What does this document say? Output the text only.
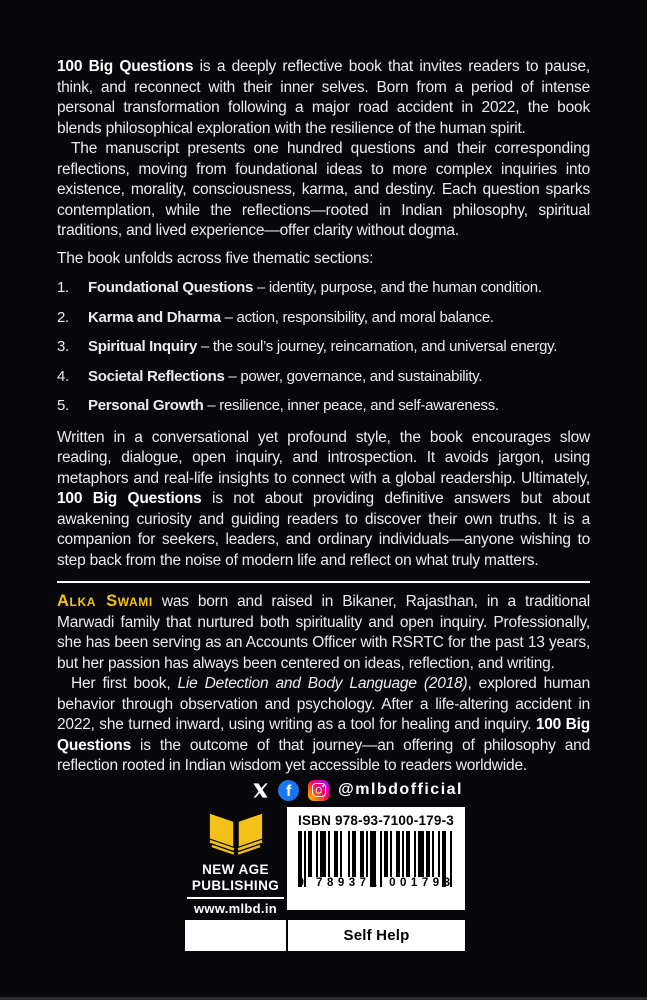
100 Big Questions is a deeply reflective book that invites readers to pause, think, and reconnect with their inner selves. Born from a period of intense personal transformation following a major road accident in 2022, the book blends philosophical exploration with the resilience of the human spirit.

The manuscript presents one hundred questions and their corresponding reflections, moving from foundational ideas to more complex inquiries into existence, morality, consciousness, karma, and destiny. Each question sparks contemplation, while the reflections—rooted in Indian philosophy, spiritual traditions, and lived experience—offer clarity without dogma.

The book unfolds across five thematic sections:

1.	Foundational Questions – identity, purpose, and the human condition.
2.	Karma and Dharma – action, responsibility, and moral balance.
3.	Spiritual Inquiry – the soul’s journey, reincarnation, and universal energy.
4.	Societal Reflections – power, governance, and sustainability.
5.	Personal Growth – resilience, inner peace, and self-awareness.

Written in a conversational yet profound style, the book encourages slow reading, dialogue, open inquiry, and introspection. It avoids jargon, using metaphors and real-life insights to connect with a global readership. Ultimately, 100 Big Questions is not about providing definitive answers but about awakening curiosity and guiding readers to discover their own truths. It is a companion for seekers, leaders, and ordinary individuals—anyone wishing to step back from the noise of modern life and reflect on what truly matters.

Alka Swami was born and raised in Bikaner, Rajasthan, in a traditional Marwadi family that nurtured both spirituality and open inquiry. Professionally, she has been serving as an Accounts Officer with RSRTC for the past 13 years, but her passion has always been centered on ideas, reflection, and writing.

Her first book, Lie Detection and Body Language (2018), explored human behavior through observation and psychology. After a life-altering accident in 2022, she turned inward, using writing as a tool for healing and inquiry. 100 Big Questions is the outcome of that journey—an offering of philosophy and reflection rooted in Indian wisdom yet accessible to readers worldwide.

f	@mlbdofficial
NEW AGE
PUBLISHING
www.mlbd.in
ISBN 978-93-7100-179-3
9 789371 001793
Self Help
